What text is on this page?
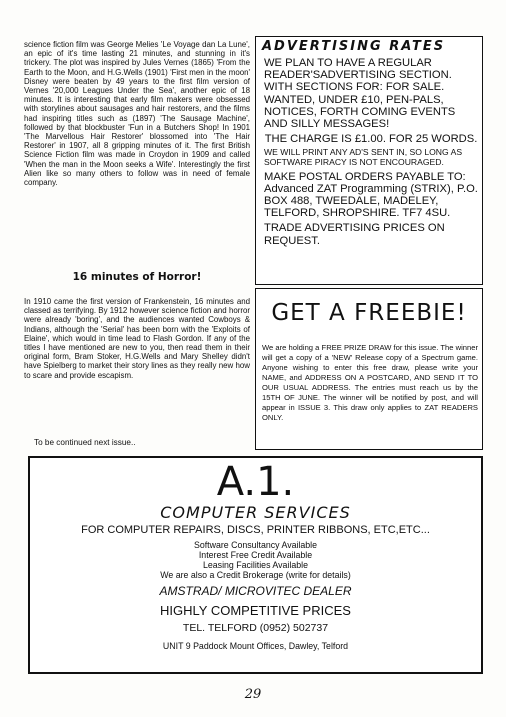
science fiction film was George Melies 'Le Voyage dan La Lune', an epic of it's time lasting 21 minutes, and stunning in it's trickery. The plot was inspired by Jules Vernes (1865) 'From the Earth to the Moon, and H.G.Wells (1901) 'First men in the moon' Disney were beaten by 49 years to the first film version of Vernes '20,000 Leagues Under the Sea', another epic of 18 minutes. It is interesting that early film makers were obsessed with storylines about sausages and hair restorers, and the films had inspiring titles such as (1897) 'The Sausage Machine', followed by that blockbuster 'Fun in a Butchers Shop! In 1901 'The Marvellous Hair Restorer' blossomed into 'The Hair Restorer' in 1907, all 8 gripping minutes of it. The first British Science Fiction film was made in Croydon in 1909 and called 'When the man in the Moon seeks a Wife'. Interestingly the first Alien like so many others to follow was in need of female company.

16 minutes of Horror!

In 1910 came the first version of Frankenstein, 16 minutes and classed as terrifying. By 1912 however science fiction and horror were already 'boring', and the audiences wanted Cowboys & Indians, although the 'Serial' has been born with the 'Exploits of Elaine', which would in time lead to Flash Gordon. If any of the titles I have mentioned are new to you, then read them in their original form, Bram Stoker, H.G.Wells and Mary Shelley didn't have Spielberg to market their story lines as they really new how to scare and provide escapism.

To be continued next issue..
ADVERTISING RATES

WE PLAN TO HAVE A REGULAR READER'SADVERTISING SECTION. WITH SECTIONS FOR: FOR SALE. WANTED, UNDER £10, PEN-PALS, NOTICES, FORTH COMING EVENTS AND SILLY MESSAGES!

THE CHARGE IS £1.00. FOR 25 WORDS.

WE WILL PRINT ANY AD'S SENT IN, SO LONG AS SOFTWARE PIRACY IS NOT ENCOURAGED.

MAKE POSTAL ORDERS PAYABLE TO: Advanced ZAT Programming (STRIX), P.O. BOX 488, TWEEDALE, MADELEY, TELFORD, SHROPSHIRE. TF7 4SU.

TRADE ADVERTISING PRICES ON REQUEST.

GET A FREEBIE!
We are holding a FREE PRIZE DRAW for this issue. The winner will get a copy of a 'NEW' Release copy of a Spectrum game. Anyone wishing to enter this free draw, please write your NAME, and ADDRESS ON A POSTCARD, AND SEND IT TO OUR USUAL ADDRESS. The entries must reach us by the 15TH OF JUNE. The winner will be notified by post, and will appear in ISSUE 3. This draw only applies to ZAT READERS ONLY.
A.1.
COMPUTER SERVICES
FOR COMPUTER REPAIRS, DISCS, PRINTER RIBBONS, ETC,ETC...
Software Consultancy Available
Interest Free Credit Available
Leasing Facilities Available
We are also a Credit Brokerage (write for details)
AMSTRAD/ MICROVITEC DEALER
HIGHLY COMPETITIVE PRICES
TEL. TELFORD (0952) 502737
UNIT 9 Paddock Mount Offices, Dawley, Telford
29
